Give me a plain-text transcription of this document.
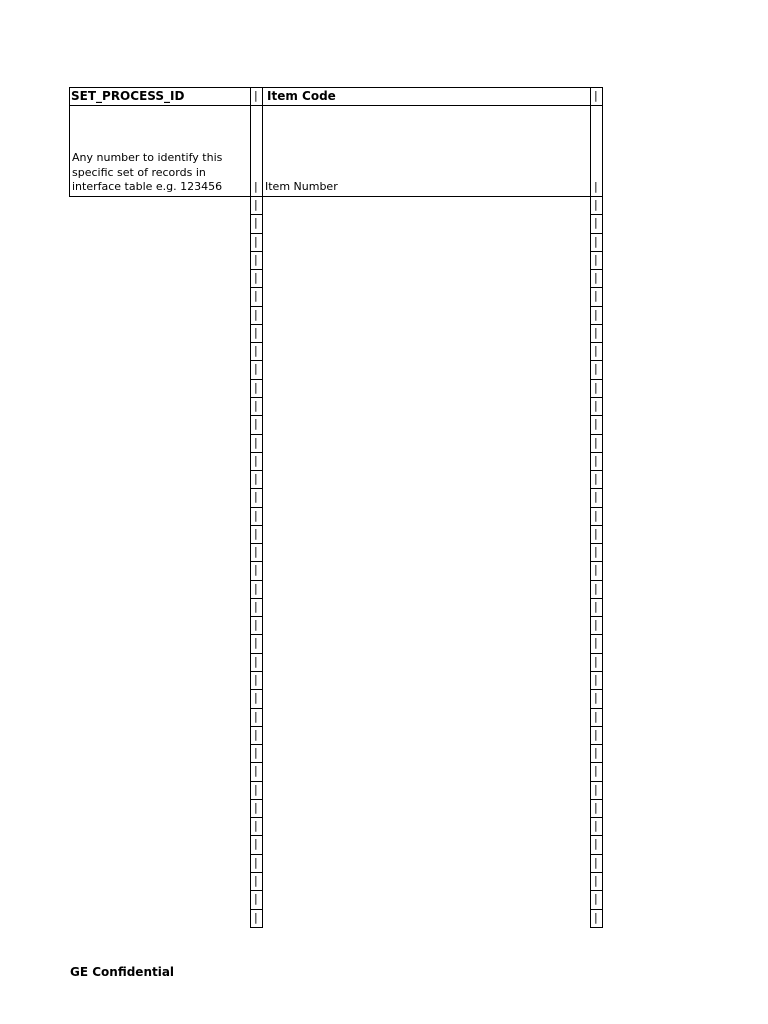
SET_PROCESS_ID	| Item Code	|
Any number to identify this
specific set of records in
interface table e.g. 123456	| Item Number	|
|	|
|	|
|	|
|	|
|	|
|	|
|	|
|	|
|	|
|	|
|	|
|	|
|	|
|	|
|	|
|	|
|	|
|	|
|	|
|	|
|	|
|	|
|	|
|	|
|	|
|	|
|	|
|	|
|	|
|	|
|	|
|	|
|	|
|	|
|	|
|	|
|	|
|	|
|	|
|	|
GE Confidential
